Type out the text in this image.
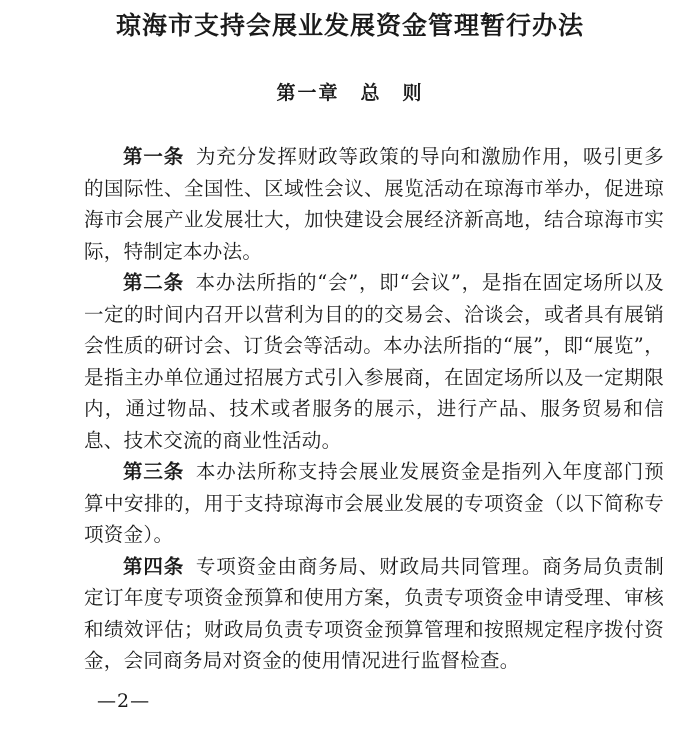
琼海市支持会展业发展资金管理暂行办法
第一章　总　则

第一条 为充分发挥财政等政策的导向和激励作用，吸引更多的国际性、全国性、区域性会议、展览活动在琼海市举办，促进琼海市会展产业发展壮大，加快建设会展经济新高地，结合琼海市实际，特制定本办法。

第二条 本办法所指的“会”，即“会议”，是指在固定场所以及一定的时间内召开以营利为目的的交易会、洽谈会，或者具有展销会性质的研讨会、订货会等活动。本办法所指的“展”，即“展览”，是指主办单位通过招展方式引入参展商，在固定场所以及一定期限内，通过物品、技术或者服务的展示，进行产品、服务贸易和信息、技术交流的商业性活动。

第三条 本办法所称支持会展业发展资金是指列入年度部门预算中安排的，用于支持琼海市会展业发展的专项资金（以下简称专项资金）。

第四条 专项资金由商务局、财政局共同管理。商务局负责制定订年度专项资金预算和使用方案，负责专项资金申请受理、审核和绩效评估；财政局负责专项资金预算管理和按照规定程序拨付资金，会同商务局对资金的使用情况进行监督检查。

—2—
